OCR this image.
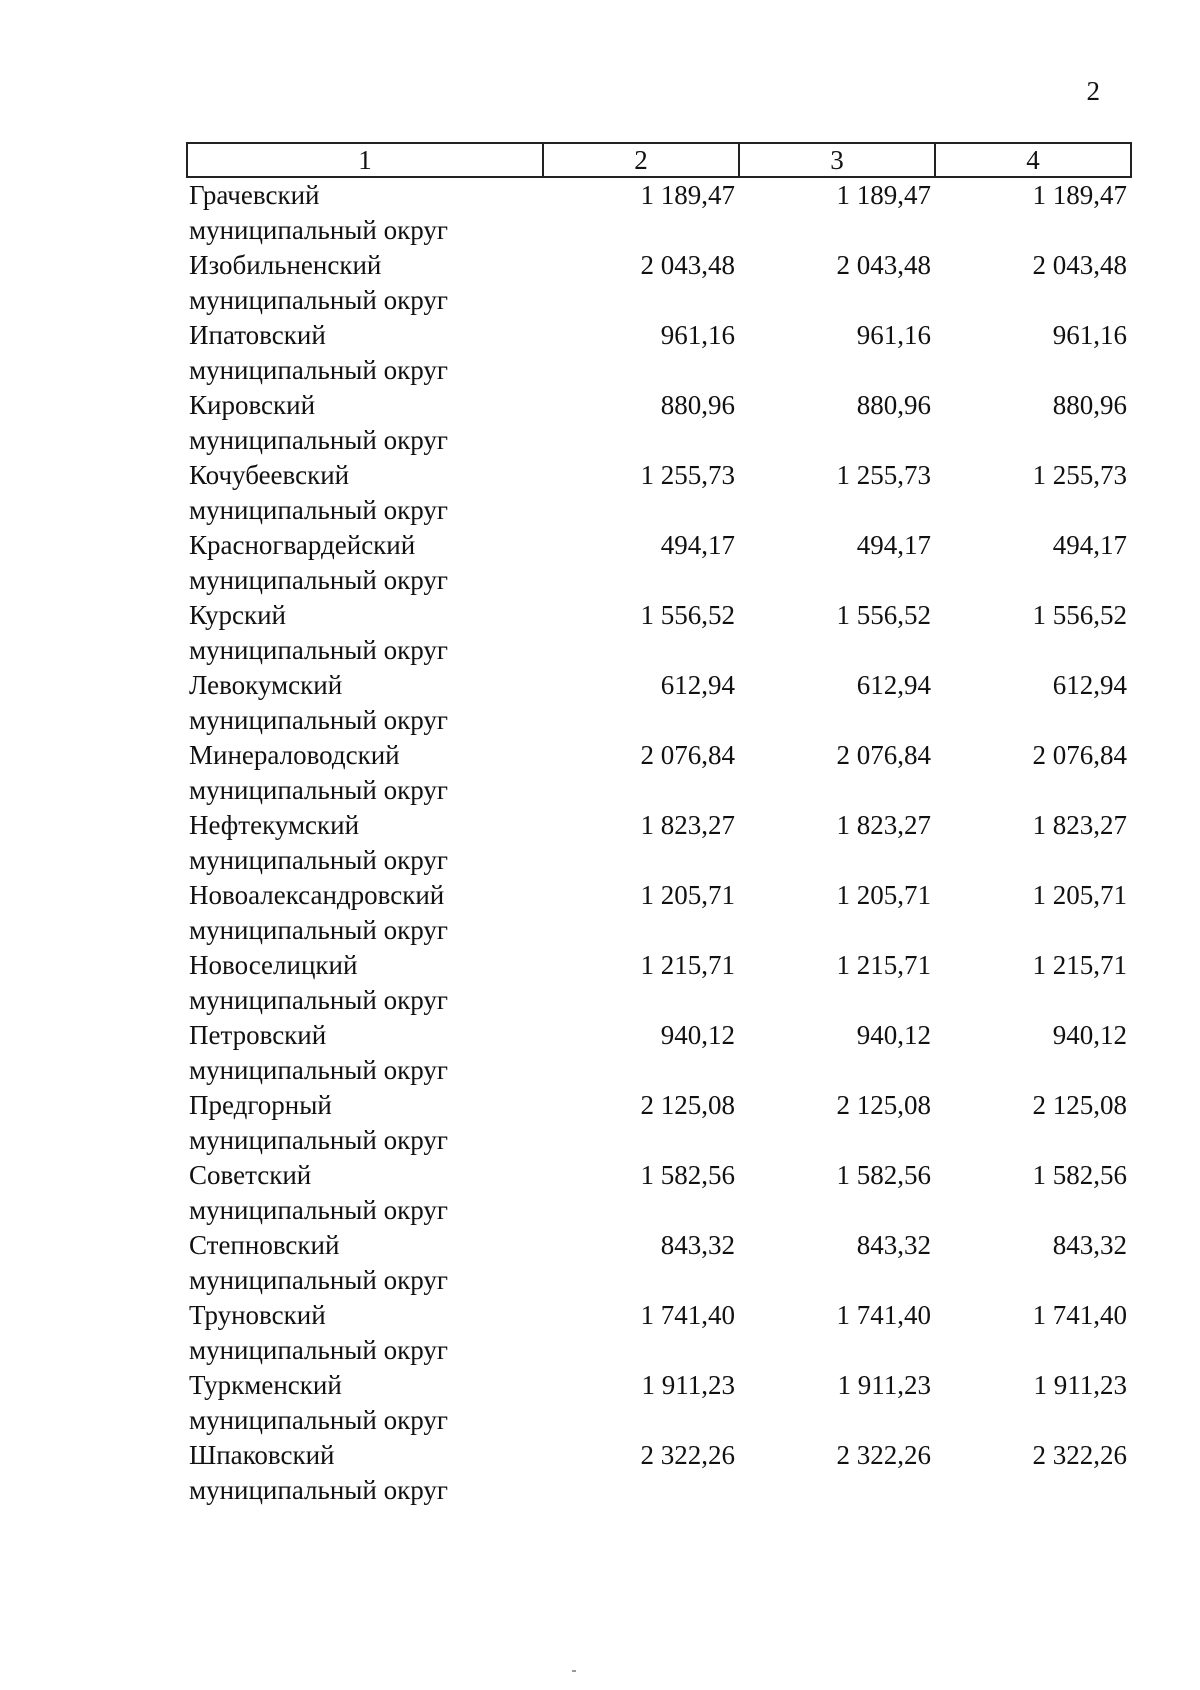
2
1	2	3	4

Грачевский
муниципальный округ	1 189,47	1 189,47	1 189,47

Изобильненский
муниципальный округ	2 043,48	2 043,48	2 043,48

Ипатовский
муниципальный округ	961,16	961,16	961,16

Кировский
муниципальный округ	880,96	880,96	880,96

Кочубеевский
муниципальный округ	1 255,73	1 255,73	1 255,73

Красногвардейский
муниципальный округ	494,17	494,17	494,17

Курский
муниципальный округ	1 556,52	1 556,52	1 556,52

Левокумский
муниципальный округ	612,94	612,94	612,94

Минераловодский
муниципальный округ	2 076,84	2 076,84	2 076,84

Нефтекумский
муниципальный округ	1 823,27	1 823,27	1 823,27

Новоалександровский
муниципальный округ	1 205,71	1 205,71	1 205,71

Новоселицкий
муниципальный округ	1 215,71	1 215,71	1 215,71

Петровский
муниципальный округ	940,12	940,12	940,12

Предгорный
муниципальный округ	2 125,08	2 125,08	2 125,08

Советский
муниципальный округ	1 582,56	1 582,56	1 582,56

Степновский
муниципальный округ	843,32	843,32	843,32

Труновский
муниципальный округ	1 741,40	1 741,40	1 741,40

Туркменский
муниципальный округ	1 911,23	1 911,23	1 911,23

Шпаковский
муниципальный округ	2 322,26	2 322,26	2 322,26
